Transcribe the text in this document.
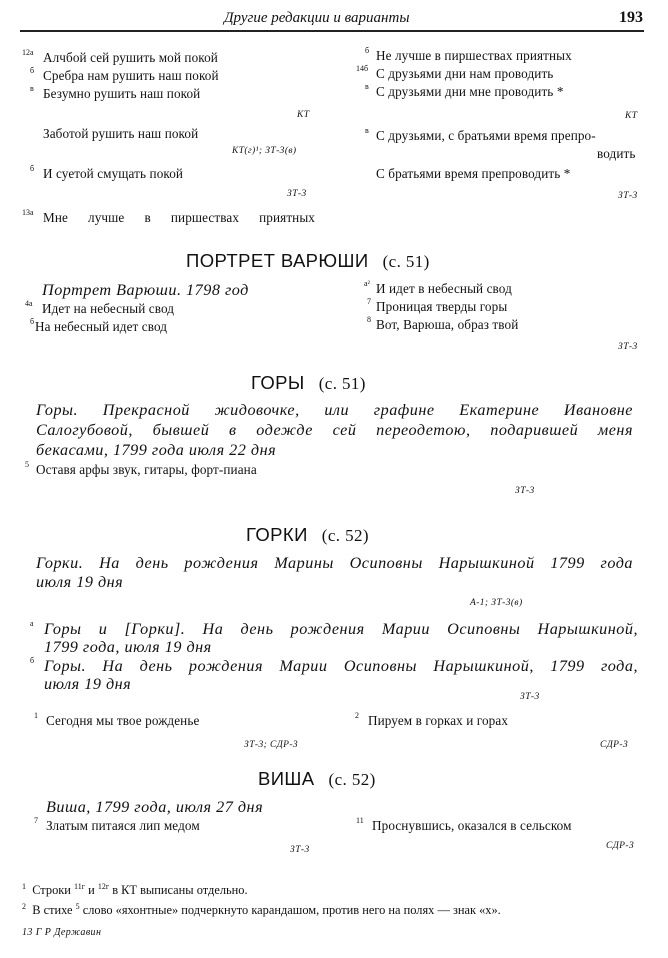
Другие редакции и варианты	193
12а Алчбой сей рушить мой покой
б Сребра нам рушить наш покой
в Безумно рушить наш покой
КТ
Заботой рушить наш покой
КТ(г)¹; ЗТ-3(в)
б И суетой смущать покой
ЗТ-3
13а Мне лучше в пиршествах приятных
б Не лучше в пиршествах приятных
14б С друзьями дни нам проводить
в С друзьями дни мне проводить *
КТ
в С друзьями, с братьями время препро-
водить
С братьями время препроводить *
ЗТ-3
ПОРТРЕТ ВАРЮШИ (с. 51)
Портрет Варюши. 1798 год
4а Идет на небесный свод
б На небесный идет свод
а² И идет в небесный свод
7 Проницая тверды горы
8 Вот, Варюша, образ твой
ЗТ-3
ГОРЫ (с. 51)
Горы. Прекрасной жидовочке, или графине Екатерине Ивановне
Салогубовой, бывшей в одежде сей переодетою, подарившей меня
бекасами, 1799 года июля 22 дня
5 Оставя арфы звук, гитары, форт-пиана
ЗТ-3
ГОРКИ (с. 52)
Горки. На день рождения Марины Осиповны Нарышкиной 1799 года
июля 19 дня
А-1; ЗТ-3(в)
а Горы и [Горки]. На день рождения Марии Осиповны Нарышкиной,
1799 года, июля 19 дня
б Горы. На день рождения Марии Осиповны Нарышкиной, 1799 года,
июля 19 дня
ЗТ-3
1 Сегодня мы твое рожденье
ЗТ-3; СДР-3
2 Пируем в горках и горах
СДР-3
ВИША (с. 52)
Виша, 1799 года, июля 27 дня
7 Златым питаяся лип медом
ЗТ-3
11 Проснувшись, оказался в сельском
СДР-3
$^1$ Строки $^{11г}$ и $^{12г}$ в КТ выписаны отдельно.
$^2$ В стихе $^5$ слово «яхонтные» подчеркнуто карандашом, против него на полях — знак «х».
13 Г Р Державин
